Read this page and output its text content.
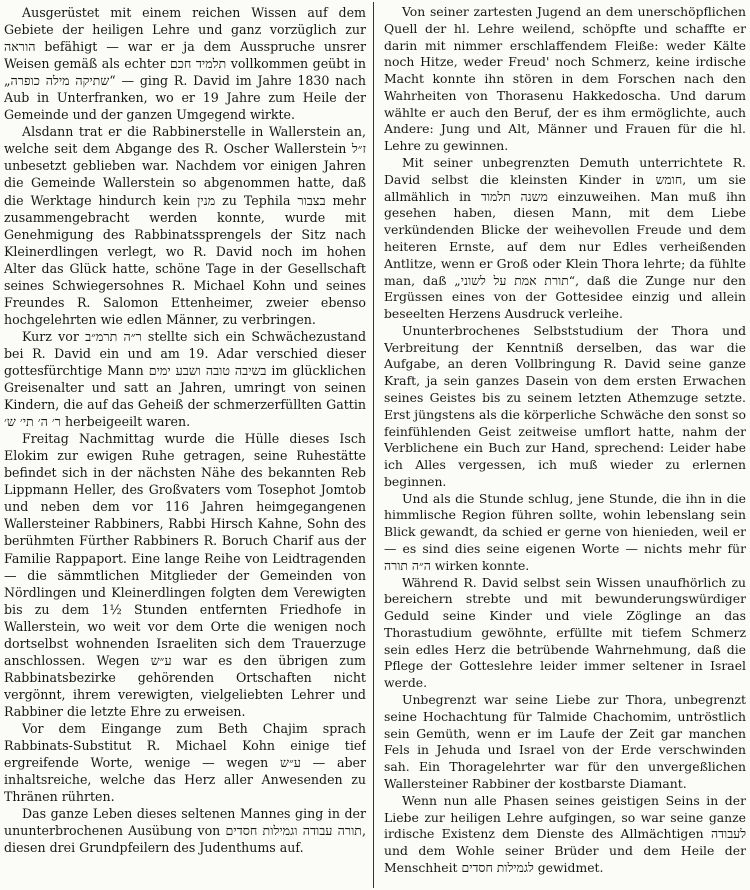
Ausgerüstet mit einem reichen Wissen auf dem Gebiete der heiligen Lehre und ganz vorzüglich zur הוראה befähigt — war er ja dem Ausspruche unsrer Weisen gemäß als echter תלמיד חכם vollkommen geübt in „שתיקה מילה כופרה“ — ging R. David im Jahre 1830 nach Aub in Unterfranken, wo er 19 Jahre zum Heile der Gemeinde und der ganzen Umgegend wirkte.

Alsdann trat er die Rabbinerstelle in Wallerstein an, welche seit dem Abgange des R. Oscher Wallerstein ז״ל unbesetzt geblieben war. Nachdem vor einigen Jahren die Gemeinde Wallerstein so abgenommen hatte, daß die Werktage hindurch kein מנין zu Tephila בצבור mehr zusammengebracht werden konnte, wurde mit Genehmigung des Rabbinatssprengels der Sitz nach Kleinerdlingen verlegt, wo R. David noch im hohen Alter das Glück hatte, schöne Tage in der Gesellschaft seines Schwiegersohnes R. Michael Kohn und seines Freundes R. Salomon Ettenheimer, zweier ebenso hochgelehrten wie edlen Männer, zu verbringen.

Kurz vor ר״ה תרמ״ב stellte sich ein Schwächezustand bei R. David ein und am 19. Adar verschied dieser gottesfürchtige Mann בשיבה טובה ושבע ימים im glücklichen Greisenalter und satt an Jahren, umringt von seinen Kindern, die auf das Geheiß der schmerzerfüllten Gattin ר׳ ה׳ תי׳ ש׳ herbeigeeilt waren.

Freitag Nachmittag wurde die Hülle dieses Isch Elokim zur ewigen Ruhe getragen, seine Ruhestätte befindet sich in der nächsten Nähe des bekannten Reb Lippmann Heller, des Großvaters vom Tosephot Jomtob und neben dem vor 116 Jahren heimgegangenen Wallersteiner Rabbiners, Rabbi Hirsch Kahne, Sohn des berühmten Fürther Rabbiners R. Boruch Charif aus der Familie Rappaport. Eine lange Reihe von Leidtragenden — die sämmtlichen Mitglieder der Gemeinden von Nördlingen und Kleinerdlingen folgten dem Verewigten bis zu dem 1½ Stunden entfernten Friedhofe in Wallerstein, wo weit vor dem Orte die wenigen noch dortselbst wohnenden Israeliten sich dem Trauerzuge anschlossen. Wegen ע״ש war es den übrigen zum Rabbinatsbezirke gehörenden Ortschaften nicht vergönnt, ihrem verewigten, vielgeliebten Lehrer und Rabbiner die letzte Ehre zu erweisen.

Vor dem Eingange zum Beth Chajim sprach Rabbinats-Substitut R. Michael Kohn einige tief ergreifende Worte, wenige — wegen ע״ש — aber inhaltsreiche, welche das Herz aller Anwesenden zu Thränen rührten.

Das ganze Leben dieses seltenen Mannes ging in der ununterbrochenen Ausübung von תורה עבודה וגמילות חסדים, diesen drei Grundpfeilern des Judenthums auf.

Von seiner zartesten Jugend an dem unerschöpflichen Quell der hl. Lehre weilend, schöpfte und schaffte er darin mit nimmer erschlaffendem Fleiße: weder Kälte noch Hitze, weder Freud' noch Schmerz, keine irdische Macht konnte ihn stören in dem Forschen nach den Wahrheiten von Thorasenu Hakkedoscha. Und darum wählte er auch den Beruf, der es ihm ermöglichte, auch Andere: Jung und Alt, Männer und Frauen für die hl. Lehre zu gewinnen.

Mit seiner unbegrenzten Demuth unterrichtete R. David selbst die kleinsten Kinder in חומש, um sie allmählich in משנה תלמוד einzuweihen. Man muß ihn gesehen haben, diesen Mann, mit dem Liebe verkündenden Blicke der weihevollen Freude und dem heiteren Ernste, auf dem nur Edles verheißenden Antlitze, wenn er Groß oder Klein Thora lehrte; da fühlte man, daß „תורת אמת על לשוני“, daß die Zunge nur den Ergüssen eines von der Gottesidee einzig und allein beseelten Herzens Ausdruck verleihe.

Ununterbrochenes Selbststudium der Thora und Verbreitung der Kenntniß derselben, das war die Aufgabe, an deren Vollbringung R. David seine ganze Kraft, ja sein ganzes Dasein von dem ersten Erwachen seines Geistes bis zu seinem letzten Athemzuge setzte. Erst jüngstens als die körperliche Schwäche den sonst so feinfühlenden Geist zeitweise umflort hatte, nahm der Verblichene ein Buch zur Hand, sprechend: Leider habe ich Alles vergessen, ich muß wieder zu erlernen beginnen.

Und als die Stunde schlug, jene Stunde, die ihn in die himmlische Region führen sollte, wohin lebenslang sein Blick gewandt, da schied er gerne von hienieden, weil er — es sind dies seine eigenen Worte — nichts mehr für ה״ה תורה wirken konnte.

Während R. David selbst sein Wissen unaufhörlich zu bereichern strebte und mit bewunderungswürdiger Geduld seine Kinder und viele Zöglinge an das Thorastudium gewöhnte, erfüllte mit tiefem Schmerz sein edles Herz die betrübende Wahrnehmung, daß die Pflege der Gotteslehre leider immer seltener in Israel werde.

Unbegrenzt war seine Liebe zur Thora, unbegrenzt seine Hochachtung für Talmide Chachomim, untröstlich sein Gemüth, wenn er im Laufe der Zeit gar manchen Fels in Jehuda und Israel von der Erde verschwinden sah. Ein Thoragelehrter war für den unvergeßlichen Wallersteiner Rabbiner der kostbarste Diamant.

Wenn nun alle Phasen seines geistigen Seins in der Liebe zur heiligen Lehre aufgingen, so war seine ganze irdische Existenz dem Dienste des Allmächtigen לעבודה und dem Wohle seiner Brüder und dem Heile der Menschheit לגמילות חסדים gewidmet.
